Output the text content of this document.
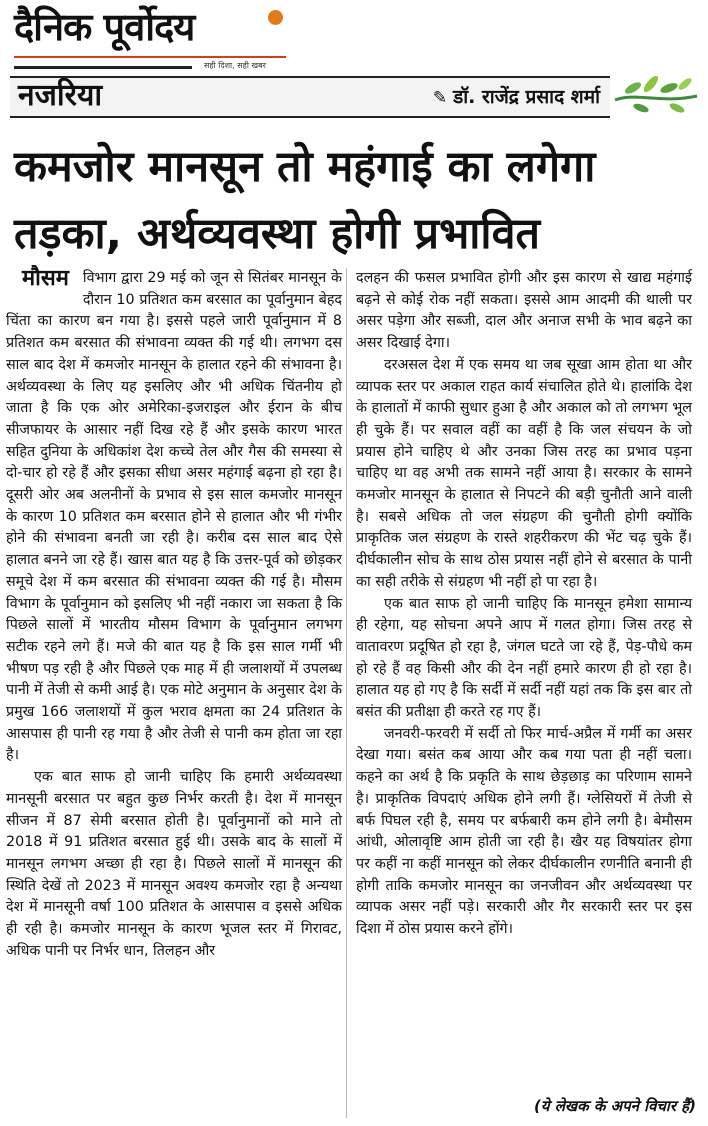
दैनिक पूर्वोदय
सही दिशा, सही खबर
नजरिया	✎ डॉ. राजेंद्र प्रसाद शर्मा
कमजोर मानसून तो महंगाई का लगेगा
तड़का, अर्थव्यवस्था होगी प्रभावित

मौसम विभाग द्वारा 29 मई को जून से सितंबर मानसून के दौरान 10 प्रतिशत कम बरसात का पूर्वानुमान बेहद चिंता का कारण बन गया है। इससे पहले जारी पूर्वानुमान में 8 प्रतिशत कम बरसात की संभावना व्यक्त की गई थी। लगभग दस साल बाद देश में कमजोर मानसून के हालात रहने की संभावना है। अर्थव्यवस्था के लिए यह इसलिए और भी अधिक चिंतनीय हो जाता है कि एक ओर अमेरिका-इजराइल और ईरान के बीच सीजफायर के आसार नहीं दिख रहे हैं और इसके कारण भारत सहित दुनिया के अधिकांश देश कच्चे तेल और गैस की समस्या से दो-चार हो रहे हैं और इसका सीधा असर महंगाई बढ़ना हो रहा है। दूसरी ओर अब अलनीनों के प्रभाव से इस साल कमजोर मानसून के कारण 10 प्रतिशत कम बरसात होने से हालात और भी गंभीर होने की संभावना बनती जा रही है। करीब दस साल बाद ऐसे हालात बनने जा रहे हैं। खास बात यह है कि उत्तर-पूर्व को छोड़कर समूचे देश में कम बरसात की संभावना व्यक्त की गई है। मौसम विभाग के पूर्वानुमान को इसलिए भी नहीं नकारा जा सकता है कि पिछले सालों में भारतीय मौसम विभाग के पूर्वानुमान लगभग सटीक रहने लगे हैं। मजे की बात यह है कि इस साल गर्मी भी भीषण पड़ रही है और पिछले एक माह में ही जलाशयों में उपलब्ध पानी में तेजी से कमी आई है। एक मोटे अनुमान के अनुसार देश के प्रमुख 166 जलाशयों में कुल भराव क्षमता का 24 प्रतिशत के आसपास ही पानी रह गया है और तेजी से पानी कम होता जा रहा है।

एक बात साफ हो जानी चाहिए कि हमारी अर्थव्यवस्था मानसूनी बरसात पर बहुत कुछ निर्भर करती है। देश में मानसून सीजन में 87 सेमी बरसात होती है। पूर्वानुमानों को माने तो 2018 में 91 प्रतिशत बरसात हुई थी। उसके बाद के सालों में मानसून लगभग अच्छा ही रहा है। पिछले सालों में मानसून की स्थिति देखें तो 2023 में मानसून अवश्य कमजोर रहा है अन्यथा देश में मानसूनी वर्षा 100 प्रतिशत के आसपास व इससे अधिक ही रही है। कमजोर मानसून के कारण भूजल स्तर में गिरावट, अधिक पानी पर निर्भर धान, तिलहन और

दलहन की फसल प्रभावित होगी और इस कारण से खाद्य महंगाई बढ़ने से कोई रोक नहीं सकता। इससे आम आदमी की थाली पर असर पड़ेगा और सब्जी, दाल और अनाज सभी के भाव बढ़ने का असर दिखाई देगा।

दरअसल देश में एक समय था जब सूखा आम होता था और व्यापक स्तर पर अकाल राहत कार्य संचालित होते थे। हालांकि देश के हालातों में काफी सुधार हुआ है और अकाल को तो लगभग भूल ही चुके हैं। पर सवाल वहीं का वहीं है कि जल संचयन के जो प्रयास होने चाहिए थे और उनका जिस तरह का प्रभाव पड़ना चाहिए था वह अभी तक सामने नहीं आया है। सरकार के सामने कमजोर मानसून के हालात से निपटने की बड़ी चुनौती आने वाली है। सबसे अधिक तो जल संग्रहण की चुनौती होगी क्योंकि प्राकृतिक जल संग्रहण के रास्ते शहरीकरण की भेंट चढ़ चुके हैं। दीर्घकालीन सोच के साथ ठोस प्रयास नहीं होने से बरसात के पानी का सही तरीके से संग्रहण भी नहीं हो पा रहा है।

एक बात साफ हो जानी चाहिए कि मानसून हमेशा सामान्य ही रहेगा, यह सोचना अपने आप में गलत होगा। जिस तरह से वातावरण प्रदूषित हो रहा है, जंगल घटते जा रहे हैं, पेड़-पौधे कम हो रहे हैं वह किसी और की देन नहीं हमारे कारण ही हो रहा है। हालात यह हो गए है कि सर्दी में सर्दी नहीं यहां तक कि इस बार तो बसंत की प्रतीक्षा ही करते रह गए हैं।

जनवरी-फरवरी में सर्दी तो फिर मार्च-अप्रैल में गर्मी का असर देखा गया। बसंत कब आया और कब गया पता ही नहीं चला। कहने का अर्थ है कि प्रकृति के साथ छेड़छाड़ का परिणाम सामने है। प्राकृतिक विपदाएं अधिक होने लगी हैं। ग्लेसियरों में तेजी से बर्फ पिघल रही है, समय पर बर्फबारी कम होने लगी है। बेमौसम आंधी, ओलावृष्टि आम होती जा रही है। खैर यह विषयांतर होगा पर कहीं ना कहीं मानसून को लेकर दीर्घकालीन रणनीति बनानी ही होगी ताकि कमजोर मानसून का जनजीवन और अर्थव्यवस्था पर व्यापक असर नहीं पड़े। सरकारी और गैर सरकारी स्तर पर इस दिशा में ठोस प्रयास करने होंगे।

(ये लेखक के अपने विचार हैं)
